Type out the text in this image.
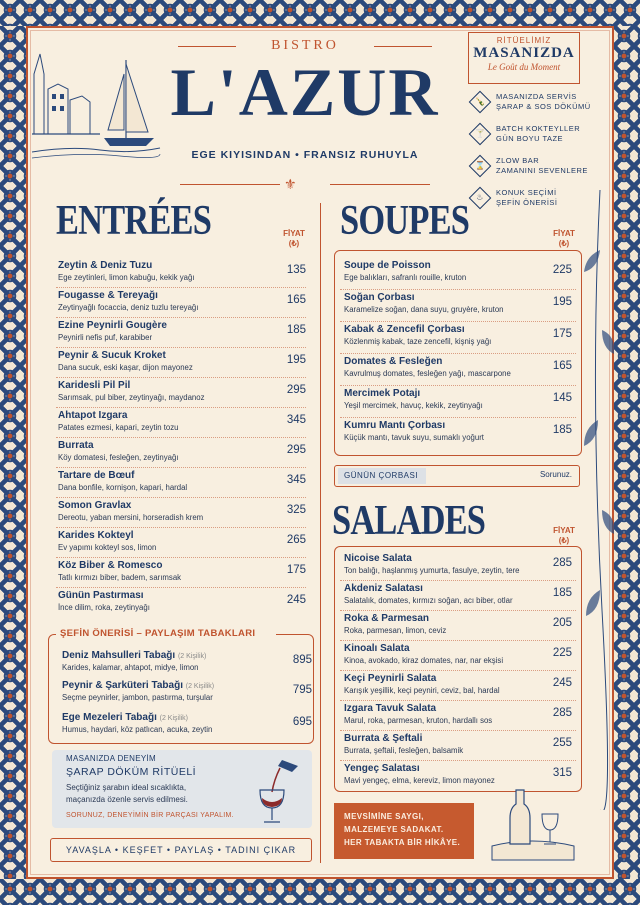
BISTRO
L'AZUR
EGE KIYISINDAN • FRANSIZ RUHUYLA
⚜
RİTÜELİMİZ
MASANIZDA
Le Goût du Moment
🍾
MASANIZDA SERVİS
ŞARAP & SOS DÖKÜMÜ
🍸
BATCH KOKTEYLLER
GÜN BOYU TAZE
⌛
ZLOW BAR
ZAMANINI SEVENLERE
♨
KONUK SEÇİMİ
ŞEFİN ÖNERİSİ
ENTRÉES	FİYAT
(₺)
Zeytin & Deniz Tuzu
Ege zeytinleri, limon kabuğu, kekik yağı
135
Fougasse & Tereyağı
Zeytinyağlı focaccia, deniz tuzlu tereyağı
165
Ezine Peynirli Gougère
Peynirli nefis puf, karabiber
185
Peynir & Sucuk Kroket
Dana sucuk, eski kaşar, dijon mayonez
195
Karidesli Pil Pil
Sarımsak, pul biber, zeytinyağı, maydanoz
295
Ahtapot Izgara
Patates ezmesi, kapari, zeytin tozu
345
Burrata
Köy domatesi, fesleğen, zeytinyağı
295
Tartare de Bœuf
Dana bonfile, kornişon, kapari, hardal
345
Somon Gravlax
Dereotu, yaban mersini, horseradish krem
325
Karides Kokteyl
Ev yapımı kokteyl sos, limon
265
Köz Biber & Romesco
Tatlı kırmızı biber, badem, sarımsak
175
Günün Pastırması
İnce dilim, roka, zeytinyağı
245
ŞEFİN ÖNERİSİ – PAYLAŞIM TABAKLARI
Deniz Mahsulleri Tabağı (2 Kişilik)
Karides, kalamar, ahtapot, midye, limon
895
Peynir & Şarküteri Tabağı (2 Kişilik)
Seçme peynirler, jambon, pastırma, turşular
795
Ege Mezeleri Tabağı (2 Kişilik)
Humus, haydari, köz patlıcan, acuka, zeytin
695
MASANIZDA DENEYİM
ŞARAP DÖKÜM RİTÜELİ
Seçtiğiniz şarabın ideal sıcaklıkta, maçanızda özenle servis edilmesi.
SORUNUZ, DENEYİMİN BİR PARÇASI YAPALIM.
YAVAŞLA • KEŞFET • PAYLAŞ • TADINI ÇIKAR
SOUPES	FİYAT
(₺)
Soupe de Poisson
Ege balıkları, safranlı rouille, kruton
225
Soğan Çorbası
Karamelize soğan, dana suyu, gruyère, kruton
195
Kabak & Zencefil Çorbası
Közlenmiş kabak, taze zencefil, kişniş yağı
175
Domates & Fesleğen
Kavrulmuş domates, fesleğen yağı, mascarpone
165
Mercimek Potajı
Yeşil mercimek, havuç, kekik, zeytinyağı
145
Kumru Mantı Çorbası
Küçük mantı, tavuk suyu, sumaklı yoğurt
185
GÜNÜN ÇORBASI	Sorunuz.
SALADES	FİYAT
(₺)
Nicoise Salata
Ton balığı, haşlanmış yumurta, fasulye, zeytin, tere
285
Akdeniz Salatası
Salatalık, domates, kırmızı soğan, acı biber, otlar
185
Roka & Parmesan
Roka, parmesan, limon, ceviz
205
Kinoalı Salata
Kinoa, avokado, kiraz domates, nar, nar ekşisi
225
Keçi Peynirli Salata
Karışık yeşillik, keçi peyniri, ceviz, bal, hardal
245
Izgara Tavuk Salata
Marul, roka, parmesan, kruton, hardallı sos
285
Burrata & Şeftali
Burrata, şeftali, fesleğen, balsamik
255
Yengeç Salatası
Mavi yengeç, elma, kereviz, limon mayonez
315
MEVSİMİNE SAYGI,
MALZEMEYE SADAKAT.
HER TABAKTA BİR HİKÂYE.
